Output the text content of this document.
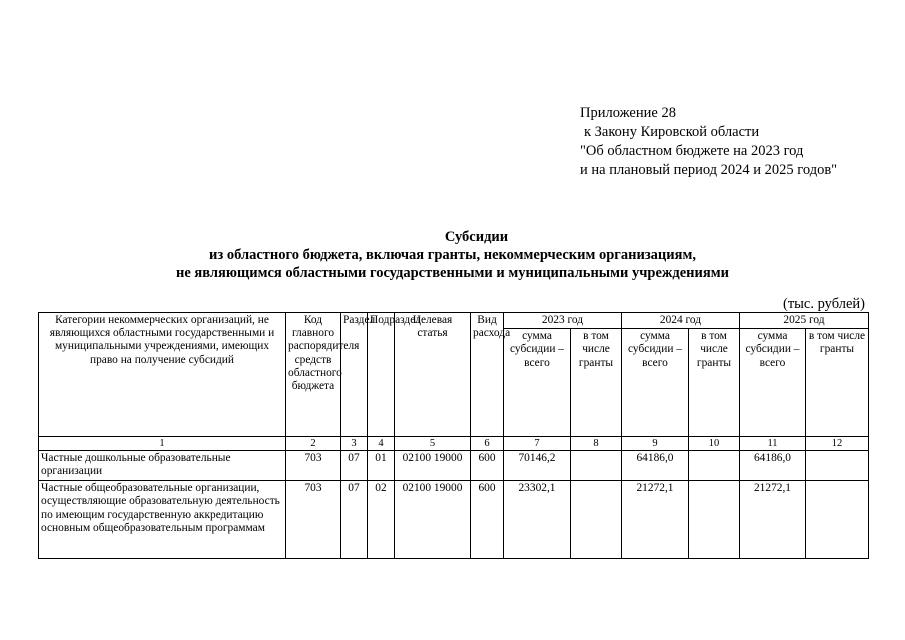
Приложение 28
к Закону Кировской области
"Об областном бюджете на 2023 год
и на плановый период 2024 и 2025 годов"
Субсидии
из областного бюджета, включая гранты, некоммерческим организациям,
не являющимся областными государственными и муниципальными учреждениями
(тыс. рублей)
Категории некоммерческих организаций, не являющихся областными государственными и муниципальными учреждениями, имеющих право на получение субсидий	Код главного распорядителя средств областного бюджета	Раздел	Подраздел	Целевая статья	Вид расхода	2023 год		2024 год		2025 год	
						сумма субсидии – всего	в том числе гранты	сумма субсидии – всего	в том числе гранты	сумма субсидии – всего	в том числе гранты
1	2	3	4	5	6	7	8	9	10	11	12
Частные дошкольные образовательные организации	703	07	01	02100 19000	600	70146,2		64186,0		64186,0	
Частные общеобразовательные организации, осуществляющие образовательную деятельность по имеющим государственную аккредитацию основным общеобразовательным программам	703	07	02	02100 19000	600	23302,1		21272,1		21272,1	
